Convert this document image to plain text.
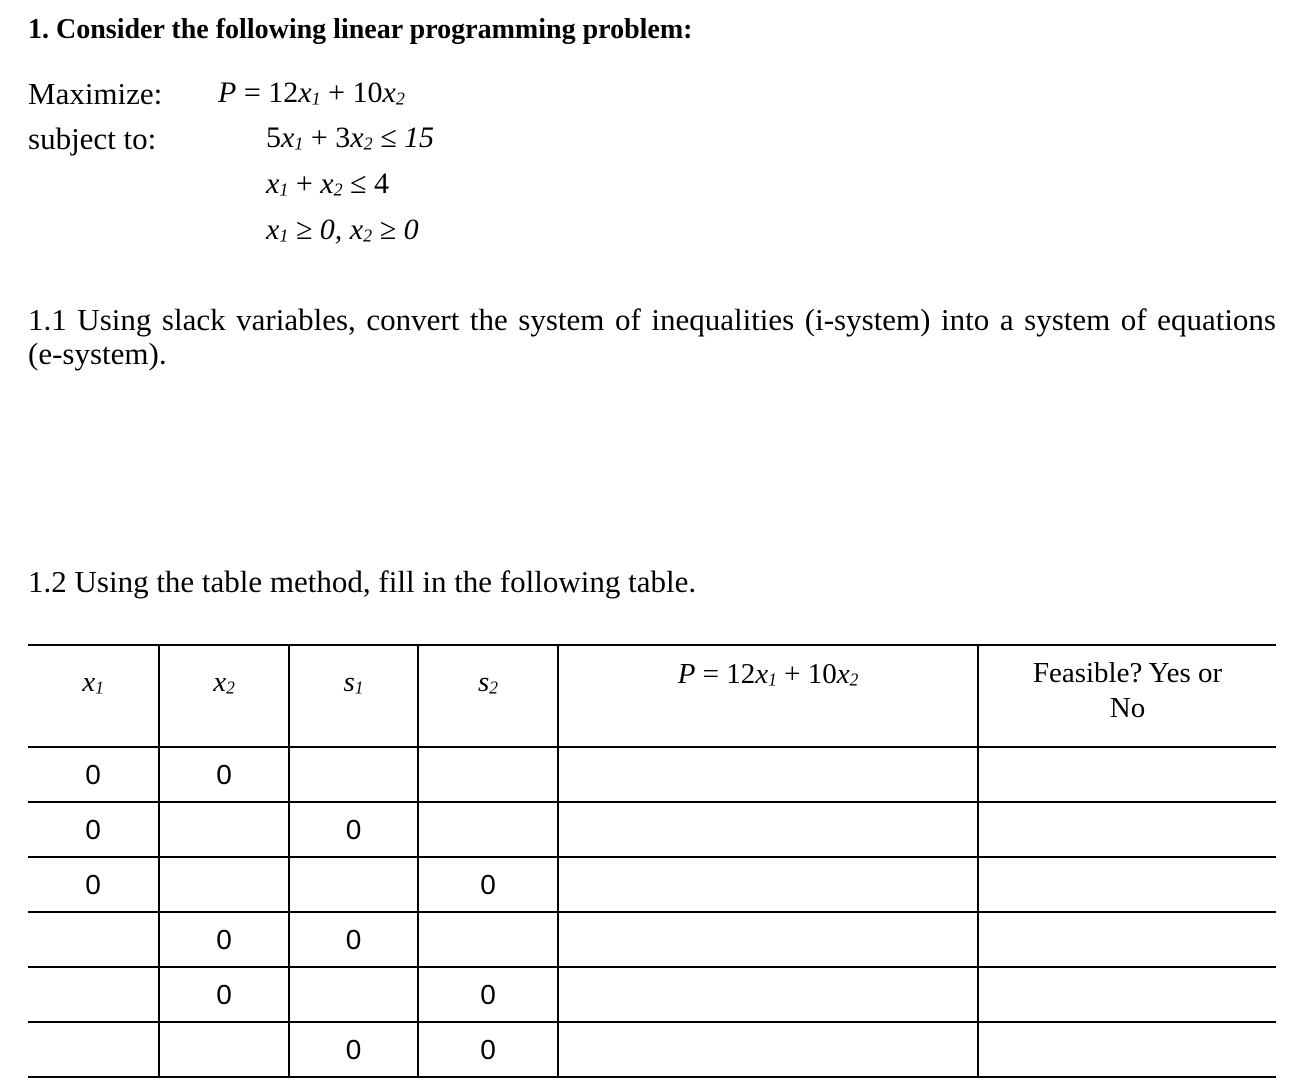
1. Consider the following linear programming problem:
Maximize: $P = 12x_1 + 10x_2$
subject to:	$5x_1 + 3x_2 \le 15$
$x_1 + x_2 \le 4$
$x_1 \ge 0$, $x_2 \ge 0$
1.1 Using slack variables, convert the system of inequalities (i-system) into a system of equations (e-system).
1.2 Using the table method, fill in the following table.
$x_1$	$x_2$	$s_1$	$s_2$	$P = 12x_1 + 10x_2$	Feasible? Yes or
No
0	0				
0		0			
0			0		
	0	0			
	0		0		
		0	0		
